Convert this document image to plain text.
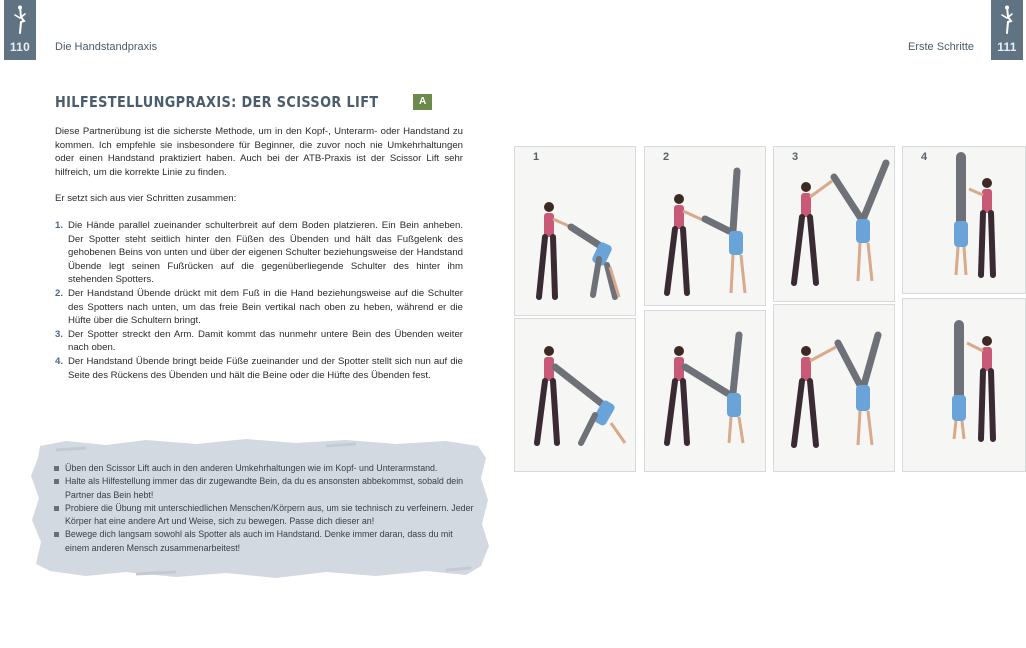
110	Die Handstandpraxis	Erste Schritte	111
HILFESTELLUNGPRAXIS: DER SCISSOR LIFT	A

Diese Partnerübung ist die sicherste Methode, um in den Kopf-, Unterarm- oder Handstand zu kommen. Ich empfehle sie insbesondere für Beginner, die zuvor noch nie Umkehrhaltungen oder einen Handstand praktiziert haben. Auch bei der ATB-Praxis ist der Scissor Lift sehr hilfreich, um die korrekte Linie zu finden.

Er setzt sich aus vier Schritten zusammen:

1. Die Hände parallel zueinander schulterbreit auf dem Boden platzieren. Ein Bein anheben. Der Spotter steht seitlich hinter den Füßen des Übenden und hält das Fußgelenk des gehobenen Beins von unten und über der eigenen Schulter beziehungsweise der Handstand Übende legt seinen Fußrücken auf die gegenüberliegende Schulter des hinter ihm stehenden Spotters.
2. Der Handstand Übende drückt mit dem Fuß in die Hand beziehungsweise auf die Schulter des Spotters nach unten, um das freie Bein vertikal nach oben zu heben, während er die Hüfte über die Schultern bringt.
3. Der Spotter streckt den Arm. Damit kommt das nunmehr untere Bein des Übenden weiter nach oben.
4. Der Handstand Übende bringt beide Füße zueinander und der Spotter stellt sich nun auf die Seite des Rückens des Übenden und hält die Beine oder die Hüfte des Übenden fest.
Üben den Scissor Lift auch in den anderen Umkehrhaltungen wie im Kopf- und Unterarmstand.
Halte als Hilfestellung immer das dir zugewandte Bein, da du es ansonsten abbekommst, sobald dein Partner das Bein hebt!
Probiere die Übung mit unterschiedlichen Menschen/Körpern aus, um sie technisch zu verfeinern. Jeder Körper hat eine andere Art und Weise, sich zu bewegen. Passe dich dieser an!
Bewege dich langsam sowohl als Spotter als auch im Handstand. Denke immer daran, dass du mit einem anderen Mensch zusammenarbeitest!
1	2	3	4
